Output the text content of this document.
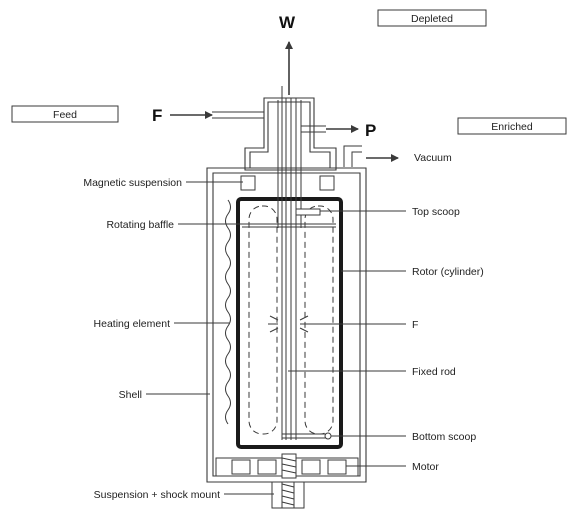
Depleted
Feed
Enriched
W
F
P
Vacuum
Magnetic suspension
Top scoop
Rotating baffle
Rotor (cylinder)
Heating element	F
Fixed rod
Shell
Bottom scoop
Motor
Suspension + shock mount
